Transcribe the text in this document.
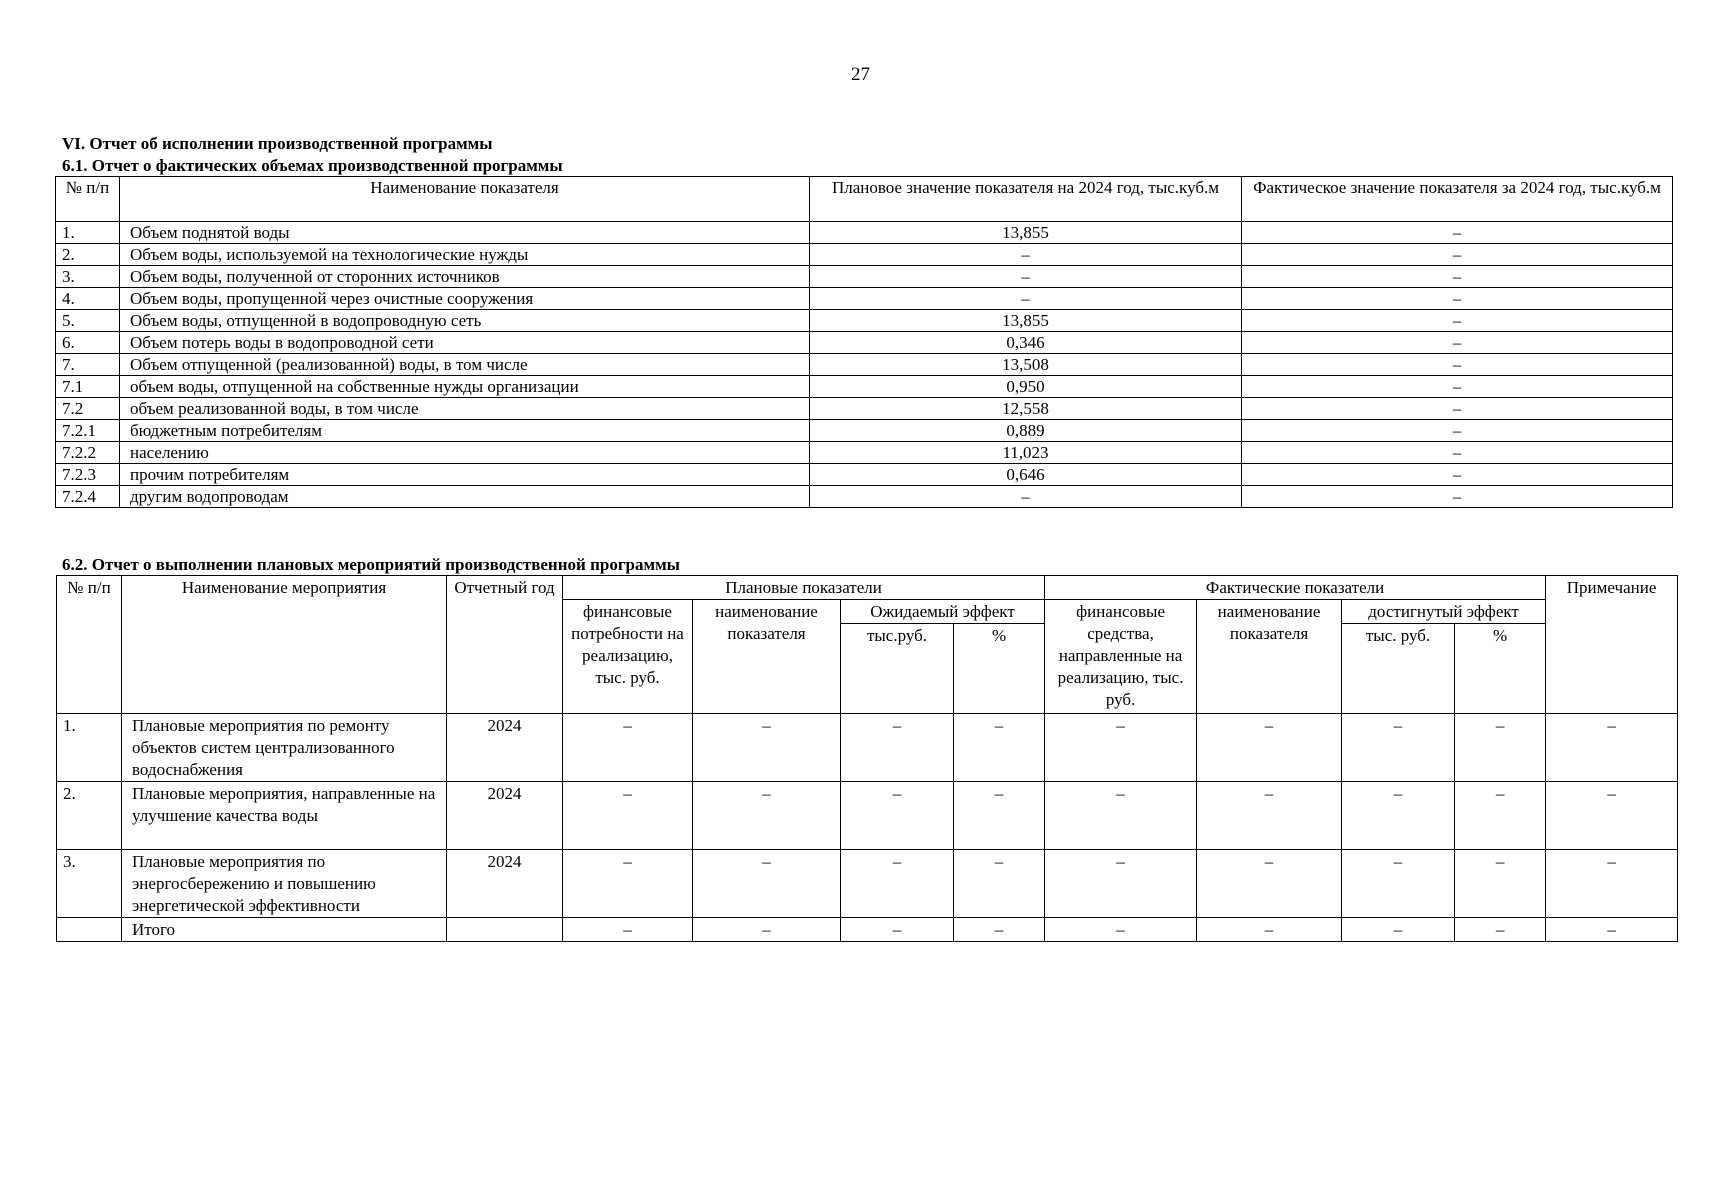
27
VI. Отчет об исполнении производственной программы
6.1. Отчет о фактических объемах производственной программы
№ п/п	Наименование показателя	Плановое значение показателя на 2024 год, тыс.куб.м	Фактическое значение показателя за 2024 год, тыс.куб.м
1.	Объем поднятой воды	13,855	–
2.	Объем воды, используемой на технологические нужды	–	–
3.	Объем воды, полученной от сторонних источников	–	–
4.	Объем воды, пропущенной через очистные сооружения	–	–
5.	Объем воды, отпущенной в водопроводную сеть	13,855	–
6.	Объем потерь воды в водопроводной сети	0,346	–
7.	Объем отпущенной (реализованной) воды, в том числе	13,508	–
7.1	объем воды, отпущенной на собственные нужды организации	0,950	–
7.2	объем реализованной воды, в том числе	12,558	–
7.2.1	бюджетным потребителям	0,889	–
7.2.2	населению	11,023	–
7.2.3	прочим потребителям	0,646	–
7.2.4	другим водопроводам	–	–
6.2. Отчет о выполнении плановых мероприятий производственной программы
№ п/п	Наименование мероприятия	Отчетный год	Плановые показатели				Фактические показатели				Примечание
			финансовые потребности на реализацию, тыс. руб.	наименование показателя	Ожидаемый эффект		финансовые средства, направленные на реализацию, тыс. руб.	наименование показателя	достигнутый эффект		
					тыс.руб.	%			тыс. руб.	%	
1.	Плановые мероприятия по ремонту объектов систем централизованного водоснабжения	2024	–	–	–	–	–	–	–	–	–
2.	Плановые мероприятия, направленные на улучшение качества воды	2024	–	–	–	–	–	–	–	–	–
3.	Плановые мероприятия по энергосбережению и повышению энергетической эффективности	2024	–	–	–	–	–	–	–	–	–
	Итого		–	–	–	–	–	–	–	–	–
